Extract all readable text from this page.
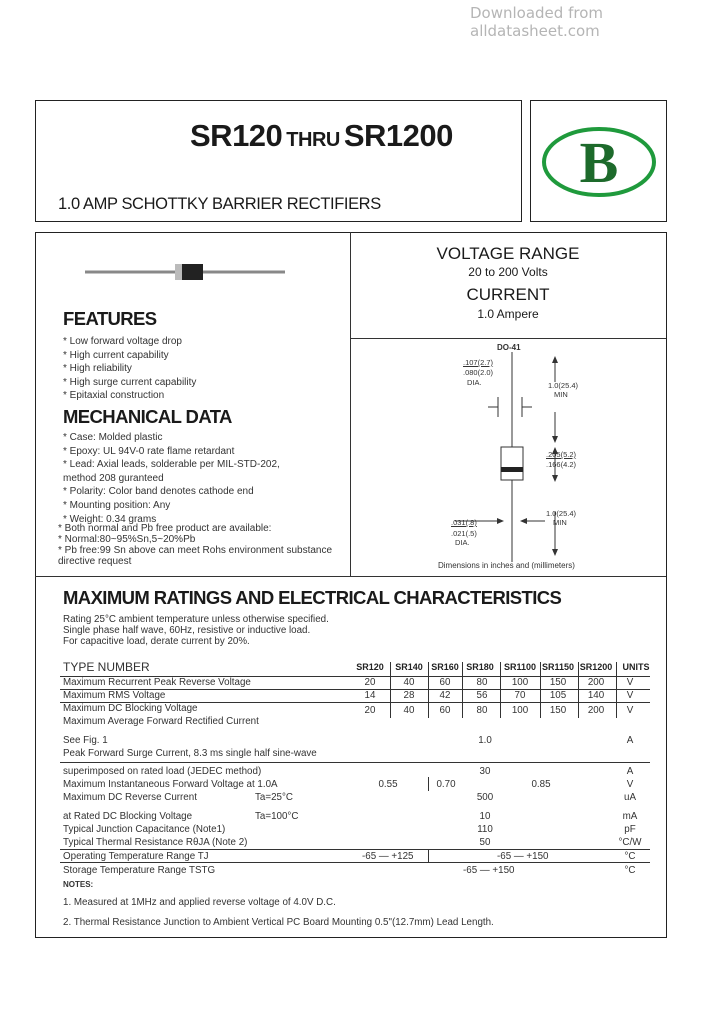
Downloaded from alldatasheet.com
SR120 THRU SR1200
1.0 AMP SCHOTTKY BARRIER RECTIFIERS
B
VOLTAGE RANGE
20 to 200 Volts
CURRENT
1.0 Ampere
FEATURES
* Low forward voltage drop
* High current capability
* High reliability
* High surge current capability
* Epitaxial construction
MECHANICAL DATA
* Case: Molded plastic
* Epoxy: UL 94V-0 rate flame retardant
* Lead: Axial leads, solderable per MIL-STD-202,
method 208 guranteed
* Polarity: Color band denotes cathode end
* Mounting position: Any
* Weight: 0.34 grams
* Both normal and Pb free product are available:
* Normal:80~95%Sn,5~20%Pb
* Pb free:99 Sn above can meet Rohs environment substance
directive request
DO-41
.107(2.7)
.080(2.0)
DIA.	1.0(25.4)
MIN
.205(5.2)
.166(4.2)
1.0(25.4)
MIN
.031(.8)
.021(.5)
DIA.
Dimensions in inches and (millimeters)
MAXIMUM RATINGS AND ELECTRICAL CHARACTERISTICS
Rating 25°C ambient temperature unless otherwise specified.
Single phase half wave, 60Hz, resistive or inductive load.
For capacitive load, derate current by 20%.
TYPE NUMBER	SR120	SR140 SR160 SR180	SR1100 SR1150 SR1200	UNITS
Maximum Recurrent Peak Reverse Voltage	20	40	60	80	100	150	200	V
Maximum RMS Voltage	14	28	42	56	70	105	140	V
Maximum DC Blocking Voltage	20	40	60	80	100	150	200	V
Maximum Average Forward Rectified Current
See Fig. 1	1.0	A
Peak Forward Surge Current, 8.3 ms single half sine-wave
superimposed on rated load (JEDEC method)	30	A
Maximum Instantaneous Forward Voltage at 1.0A	0.55	0.70	0.85	V
Maximum DC Reverse Current	Ta=25°C	500	uA
at Rated DC Blocking Voltage	Ta=100°C	10	mA
Typical Junction Capacitance (Note1)	110	pF
Typical Thermal Resistance RθJA (Note 2)	50	°C/W
Operating Temperature Range TJ	-65 — +125	-65 — +150	°C
Storage Temperature Range TSTG	-65 — +150	°C
NOTES:
1. Measured at 1MHz and applied reverse voltage of 4.0V D.C.
2. Thermal Resistance Junction to Ambient Vertical PC Board Mounting 0.5"(12.7mm) Lead Length.
